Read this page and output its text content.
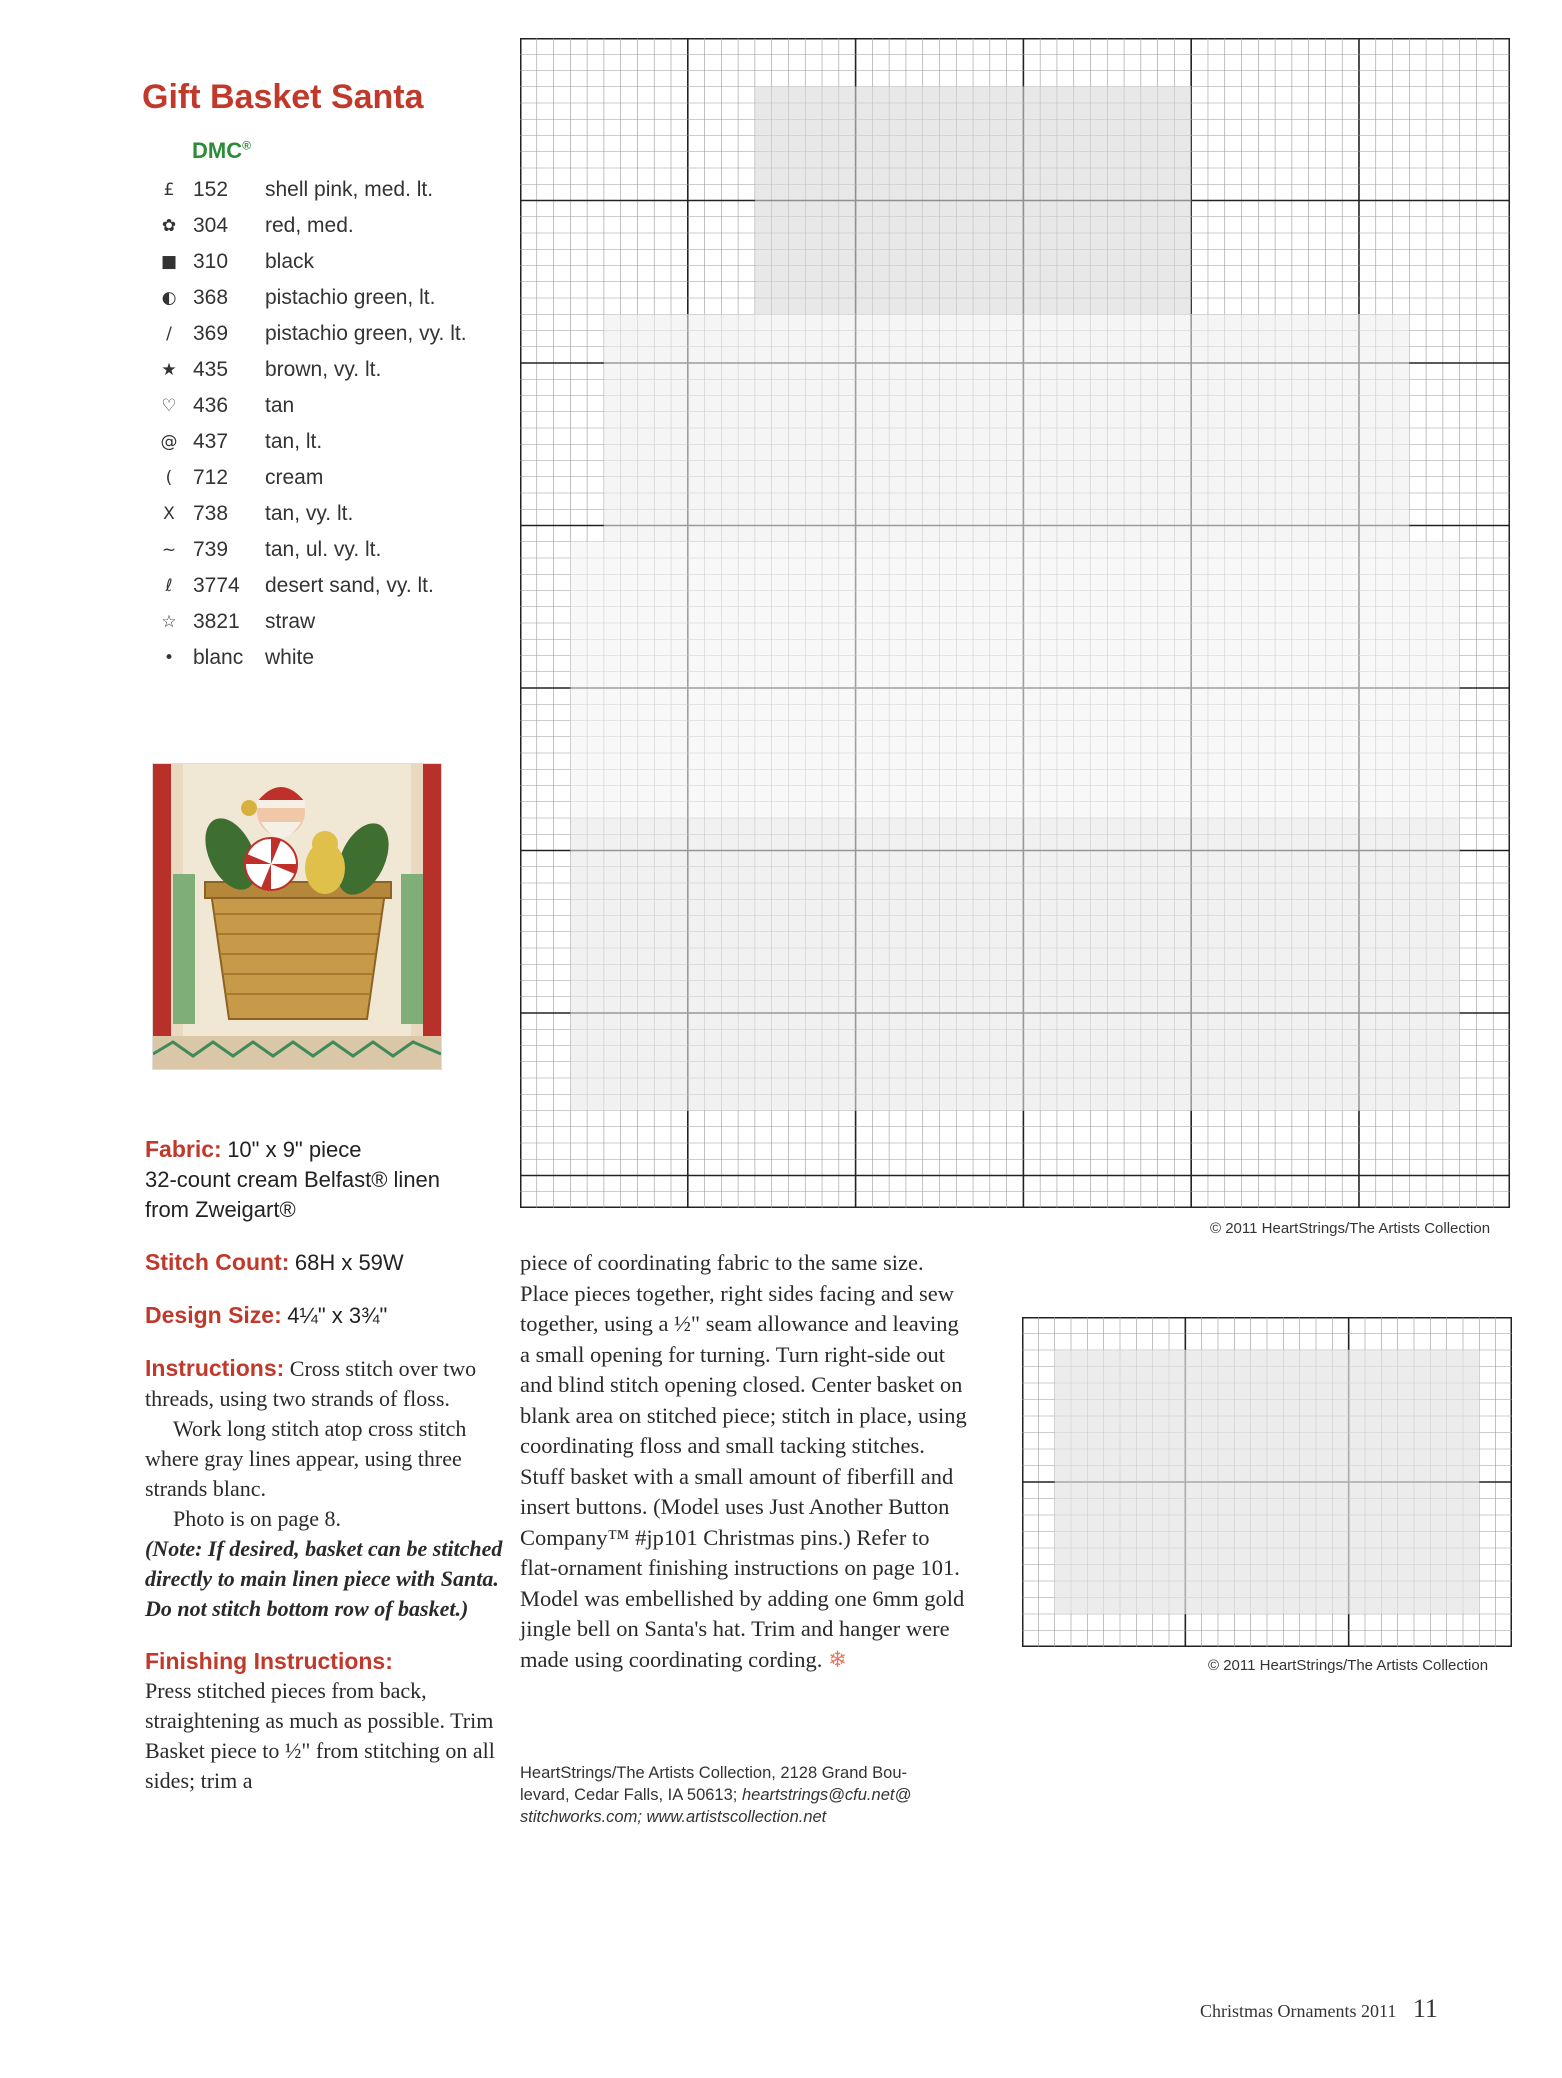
Gift Basket Santa
DMC®
£ 152	shell pink, med. lt.
✿ 304	red, med.
■ 310	black
◐ 368	pistachio green, lt.
/	369	pistachio green, vy. lt.
★ 435	brown, vy. lt.
♡ 436	tan
@ 437	tan, lt.
( 712	cream
X 738	tan, vy. lt.
~ 739	tan, ul. vy. lt.
ℓ 3774	desert sand, vy. lt.
☆ 3821	straw
• blanc	white
Fabric: 10" x 9" piece
32-count cream Belfast® linen
from Zweigart®
Stitch Count: 68H x 59W
Design Size: 4¼" x 3¾"
Instructions: Cross stitch over two threads, using two strands of floss.
Work long stitch atop cross stitch where gray lines appear, using three strands blanc.
Photo is on page 8.
(Note: If desired, basket can be stitched directly to main linen piece with Santa. Do not stitch bottom row of basket.)
Finishing Instructions:
Press stitched pieces from back, straightening as much as possible. Trim Basket piece to ½" from stitching on all sides; trim a
piece of coordinating fabric to the same size. Place pieces together, right sides facing and sew together, using a ½" seam allowance and leaving a small opening for turning. Turn right-side out and blind stitch opening closed. Center basket on blank area on stitched piece; stitch in place, using coordinating floss and small tacking stitches. Stuff basket with a small amount of fiberfill and insert buttons. (Model uses Just Another Button Company™ #jp101 Christmas pins.) Refer to flat-ornament finishing instructions on page 101. Model was embellished by adding one 6mm gold jingle bell on Santa's hat. Trim and hanger were made using coordinating cording. ❄
HeartStrings/The Artists Collection, 2128 Grand Bou-
levard, Cedar Falls, IA 50613; heartstrings@cfu.net@
stitchworks.com; www.artistscollection.net
© 2011 HeartStrings/The Artists Collection
© 2011 HeartStrings/The Artists Collection
Christmas Ornaments 2011 11
